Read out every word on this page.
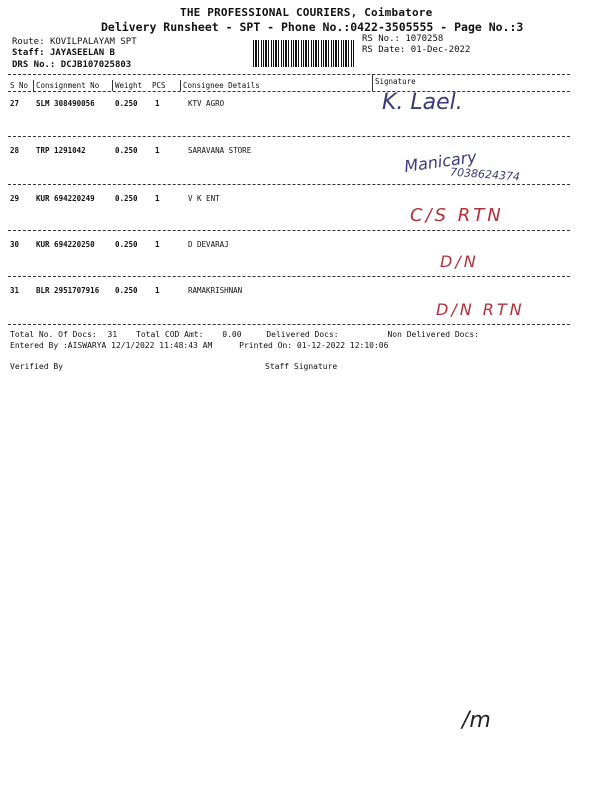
THE PROFESSIONAL COURIERS, Coimbatore
Delivery Runsheet - SPT - Phone No.:0422-3505555 - Page No.:3
Route: KOVILPALAYAM SPT
Staff: JAYASEELAN B
DRS No.: DCJB107025803
RS No.: 1070258
RS Date: 01-Dec-2022
S No Consignment No Weight PCS Consignee Details	Signature
27 SLM 308490056	0.250 1	KTV AGRO	K. Lael.
28 TRP 1291042	0.250 1	SARAVANA STORE	Manicary
7038624374
29 KUR 694220249	0.250 1	V K ENT
C/S RTN
30 KUR 694220250	0.250 1	D DEVARAJ
D/N
31 BLR 2951707916 0.250 1	RAMAKRISHNAN
D/N RTN
Total No. Of Docs: 31 Total COD Amt: 0.00	Delivered Docs:	Non Delivered Docs:
Entered By :AISWARYA 12/1/2022 11:48:43 AM	Printed On: 01-12-2022 12:10:06
Verified By	Staff Signature
/m
